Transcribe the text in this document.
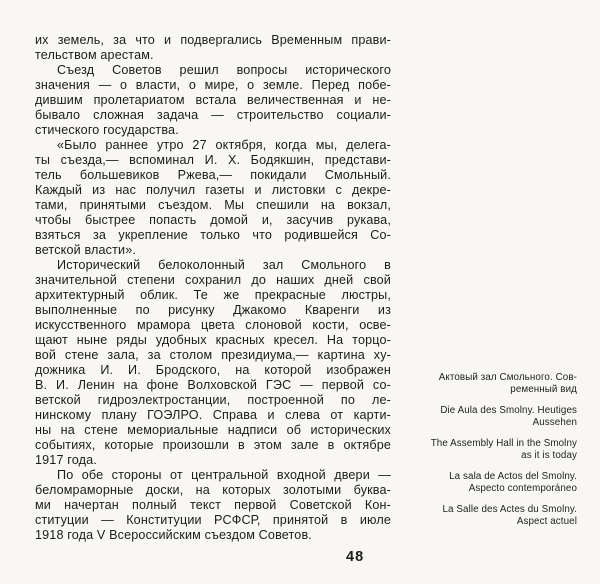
их земель, за что и подвергались Временным прави-
тельством арестам.
Съезд Советов решил вопросы исторического
значения — о власти, о мире, о земле. Перед побе-
дившим пролетариатом встала величественная и не-
бывало сложная задача — строительство социали-
стического государства.
«Было раннее утро 27 октября, когда мы, делега-
ты съезда,— вспоминал И. Х. Бодякшин, представи-
тель большевиков Ржева,— покидали Смольный.
Каждый из нас получил газеты и листовки с декре-
тами, принятыми съездом. Мы спешили на вокзал,
чтобы быстрее попасть домой и, засучив рукава,
взяться за укрепление только что родившейся Со-
ветской власти».
Исторический белоколонный зал Смольного в
значительной степени сохранил до наших дней свой
архитектурный облик. Те же прекрасные люстры,
выполненные по рисунку Джакомо Кваренги из
искусственного мрамора цвета слоновой кости, осве-
щают ныне ряды удобных красных кресел. На торцо-
вой стене зала, за столом президиума,— картина ху-
дожника И. И. Бродского, на которой изображен
В. И. Ленин на фоне Волховской ГЭС — первой со-
ветской гидроэлектростанции, построенной по ле-
нинскому плану ГОЭЛРО. Справа и слева от карти-
ны на стене мемориальные надписи об исторических
событиях, которые произошли в этом зале в октябре
1917 года.
По обе стороны от центральной входной двери —
беломраморные доски, на которых золотыми буква-
ми начертан полный текст первой Советской Кон-
ституции — Конституции РСФСР, принятой в июле
1918 года V Всероссийским съездом Советов.
Актовый зал Смольного. Сов-
ременный вид
Die Aula des Smolny. Heutiges
Aussehen
The Assembly Hall in the Smolny
as it is today
La sala de Actos del Smolny.
Aspecto contemporáneo
La Salle des Actes du Smolny.
Aspect actuel
48
